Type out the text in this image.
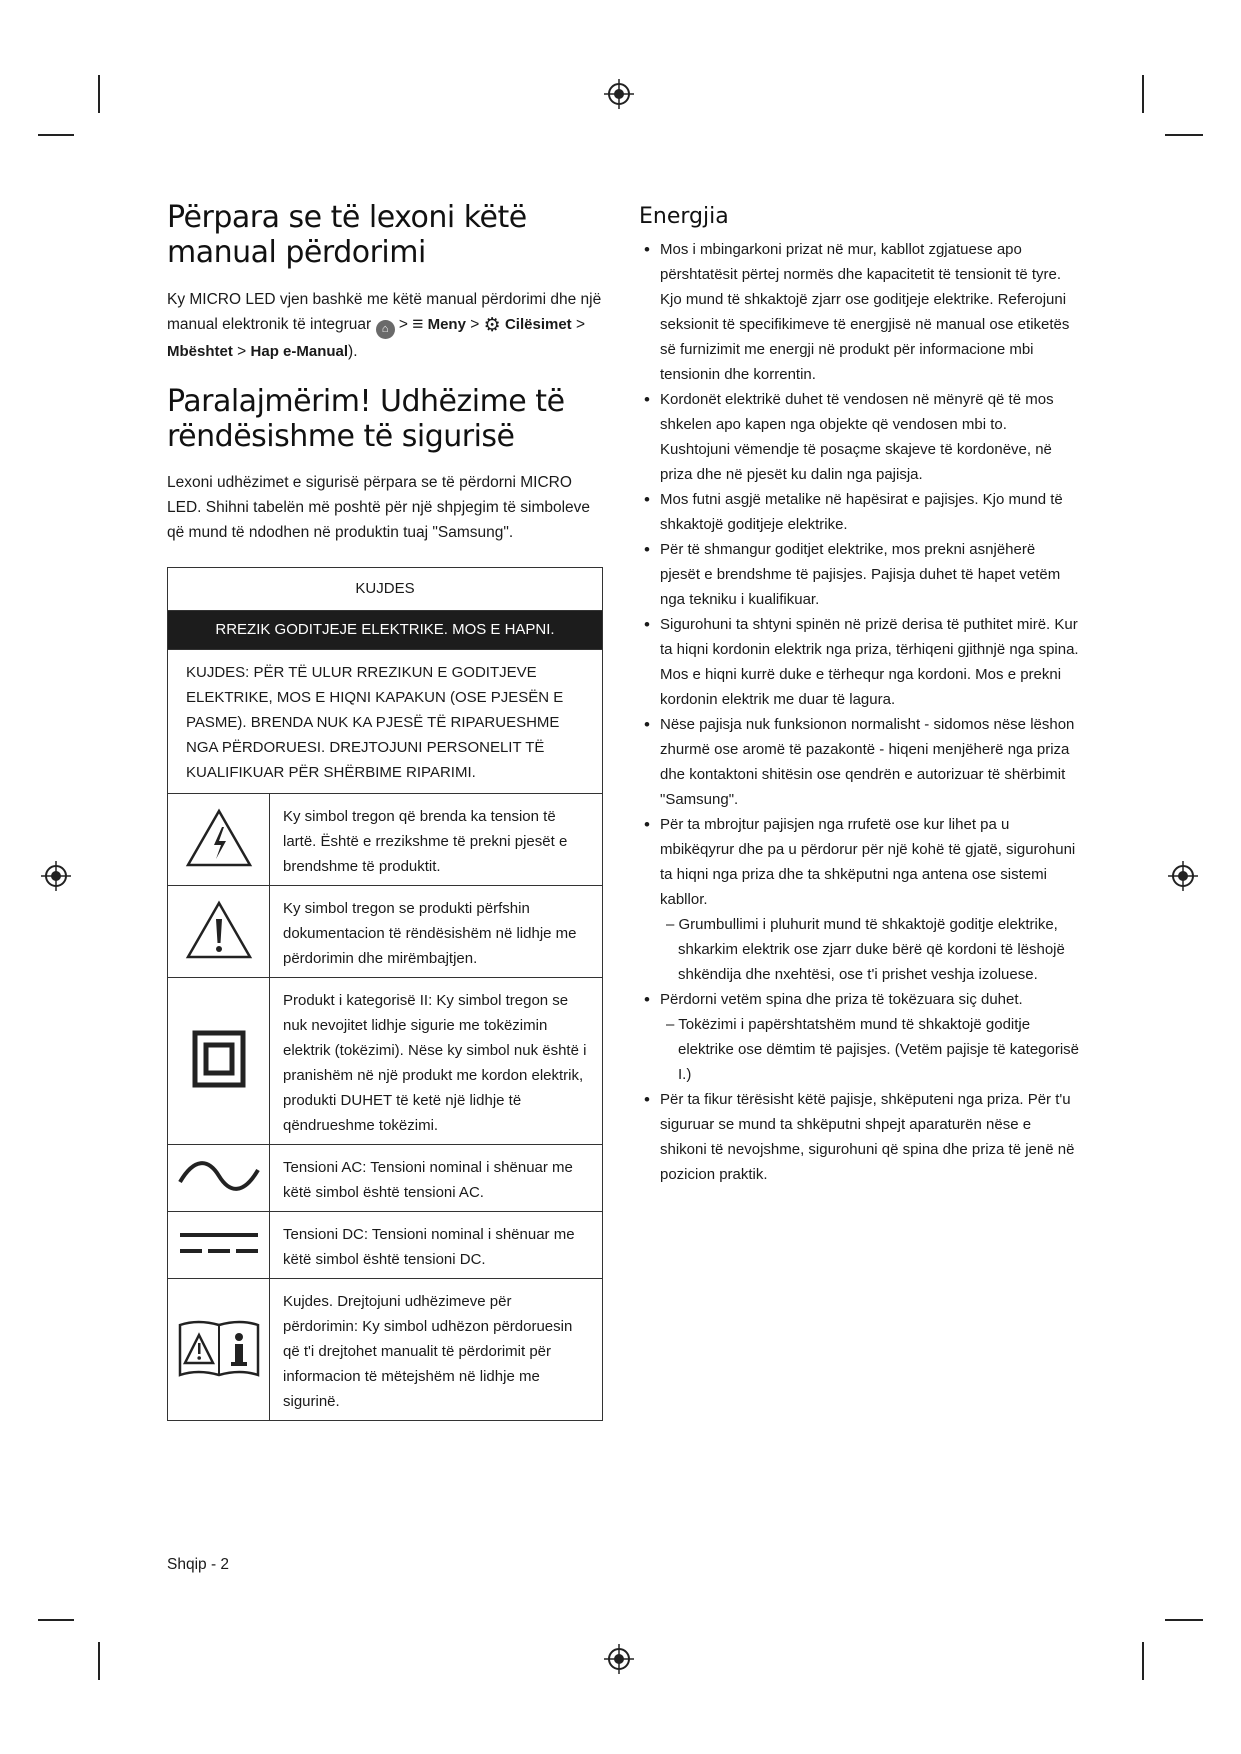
Përpara se të lexoni këtë manual përdorimi

Ky MICRO LED vjen bashkë me këtë manual përdorimi dhe një manual elektronik të integruar ⌂ > ≡ Meny > ⚙ Cilësimet > Mbështet > Hap e-Manual).

Paralajmërim! Udhëzime të rëndësishme të sigurisë

Lexoni udhëzimet e sigurisë përpara se të përdorni MICRO LED. Shihni tabelën më poshtë për një shpjegim të simboleve që mund të ndodhen në produktin tuaj "Samsung".

KUJDES	
RREZIK GODITJEJE ELEKTRIKE. MOS E HAPNI.	
KUJDES: PËR TË ULUR RREZIKUN E GODITJEVE ELEKTRIKE, MOS E HIQNI KAPAKUN (OSE PJESËN E PASME). BRENDA NUK KA PJESË TË RIPARUESHME NGA PËRDORUESI. DREJTOJUNI PERSONELIT TË KUALIFIKUAR PËR SHËRBIME RIPARIMI.	
	Ky simbol tregon që brenda ka tension të lartë. Është e rrezikshme të prekni pjesët e brendshme të produktit.
	Ky simbol tregon se produkti përfshin dokumentacion të rëndësishëm në lidhje me përdorimin dhe mirëmbajtjen.
	Produkt i kategorisë II: Ky simbol tregon se nuk nevojitet lidhje sigurie me tokëzimin elektrik (tokëzimi). Nëse ky simbol nuk është i pranishëm në një produkt me kordon elektrik, produkti DUHET të ketë një lidhje të qëndrueshme tokëzimi.
	Tensioni AC: Tensioni nominal i shënuar me këtë simbol është tensioni AC.
	Tensioni DC: Tensioni nominal i shënuar me këtë simbol është tensioni DC.
	Kujdes. Drejtojuni udhëzimeve për përdorimin: Ky simbol udhëzon përdoruesin që t'i drejtohet manualit të përdorimit për informacion të mëtejshëm në lidhje me sigurinë.
Energjia
• Mos i mbingarkoni prizat në mur, kabllot zgjatuese apo përshtatësit përtej normës dhe kapacitetit të tensionit të tyre. Kjo mund të shkaktojë zjarr ose goditjeje elektrike. Referojuni seksionit të specifikimeve të energjisë në manual ose etiketës së furnizimit me energji në produkt për informacione mbi tensionin dhe korrentin.
• Kordonët elektrikë duhet të vendosen në mënyrë që të mos shkelen apo kapen nga objekte që vendosen mbi to. Kushtojuni vëmendje të posaçme skajeve të kordonëve, në priza dhe në pjesët ku dalin nga pajisja.
• Mos futni asgjë metalike në hapësirat e pajisjes. Kjo mund të shkaktojë goditjeje elektrike.
• Për të shmangur goditjet elektrike, mos prekni asnjëherë pjesët e brendshme të pajisjes. Pajisja duhet të hapet vetëm nga tekniku i kualifikuar.
• Sigurohuni ta shtyni spinën në prizë derisa të puthitet mirë. Kur ta hiqni kordonin elektrik nga priza, tërhiqeni gjithnjë nga spina. Mos e hiqni kurrë duke e tërhequr nga kordoni. Mos e prekni kordonin elektrik me duar të lagura.
• Nëse pajisja nuk funksionon normalisht - sidomos nëse lëshon zhurmë ose aromë të pazakontë - hiqeni menjëherë nga priza dhe kontaktoni shitësin ose qendrën e autorizuar të shërbimit "Samsung".
• Për ta mbrojtur pajisjen nga rrufetë ose kur lihet pa u mbikëqyrur dhe pa u përdorur për një kohë të gjatë, sigurohuni ta hiqni nga priza dhe ta shkëputni nga antena ose sistemi kabllor.
– Grumbullimi i pluhurit mund të shkaktojë goditje elektrike, shkarkim elektrik ose zjarr duke bërë që kordoni të lëshojë shkëndija dhe nxehtësi, ose t'i prishet veshja izoluese.
• Përdorni vetëm spina dhe priza të tokëzuara siç duhet.
– Tokëzimi i papërshtatshëm mund të shkaktojë goditje elektrike ose dëmtim të pajisjes. (Vetëm pajisje të kategorisë I.)
• Për ta fikur tërësisht këtë pajisje, shkëputeni nga priza. Për t'u siguruar se mund ta shkëputni shpejt aparaturën nëse e shikoni të nevojshme, sigurohuni që spina dhe priza të jenë në pozicion praktik.
Shqip - 2
